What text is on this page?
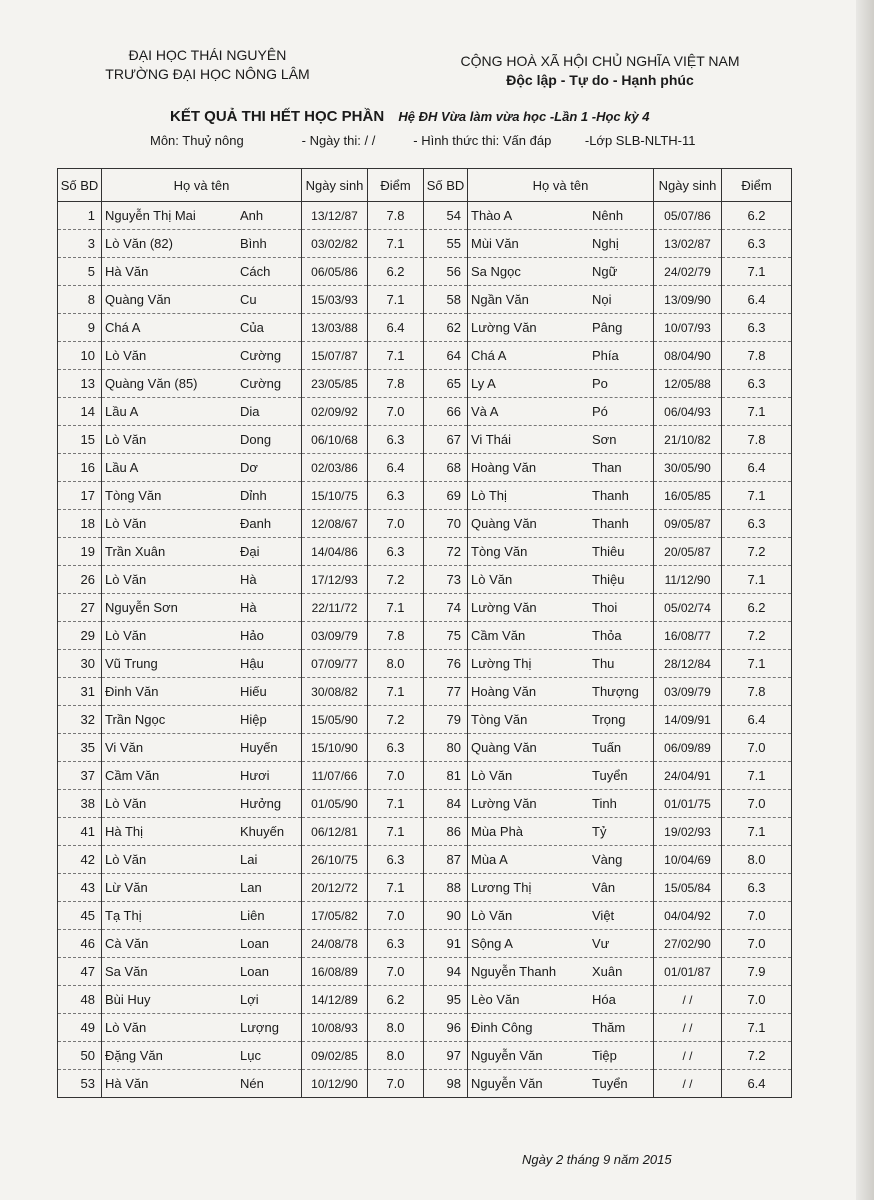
ĐẠI HỌC THÁI NGUYÊN
TRƯỜNG ĐẠI HỌC NÔNG LÂM
CỘNG HOÀ XÃ HỘI CHỦ NGHĨA VIỆT NAM
Độc lập - Tự do - Hạnh phúc
KẾT QUẢ THI HẾT HỌC PHẦN Hệ ĐH Vừa làm vừa học -Lần 1 -Học kỳ 4
Môn: Thuỷ nông	- Ngày thi: / /	- Hình thức thi: Vấn đáp	-Lớp SLB-NLTH-11
Số BD	Họ và tên	Ngày sinh	Điểm	Số BD	Họ và tên	Ngày sinh	Điểm
1	Nguyễn Thị Mai Anh	13/12/87	7.8	54	Thào A Nênh	05/07/86	6.2
3	Lò Văn (82) Bình	03/02/82	7.1	55	Mùi Văn Nghị	13/02/87	6.3
5	Hà Văn Cách	06/05/86	6.2	56	Sa Ngọc Ngữ	24/02/79	7.1
8	Quàng Văn Cu	15/03/93	7.1	58	Ngần Văn Nọi	13/09/90	6.4
9	Chá A Của	13/03/88	6.4	62	Lường Văn Pâng	10/07/93	6.3
10	Lò Văn Cường	15/07/87	7.1	64	Chá A Phía	08/04/90	7.8
13	Quàng Văn (85) Cường	23/05/85	7.8	65	Ly A Po	12/05/88	6.3
14	Lầu A Dia	02/09/92	7.0	66	Và A Pó	06/04/93	7.1
15	Lò Văn Dong	06/10/68	6.3	67	Vi Thái Sơn	21/10/82	7.8
16	Lầu A Dơ	02/03/86	6.4	68	Hoàng Văn Than	30/05/90	6.4
17	Tòng Văn Dỉnh	15/10/75	6.3	69	Lò Thị Thanh	16/05/85	7.1
18	Lò Văn Đanh	12/08/67	7.0	70	Quàng Văn Thanh	09/05/87	6.3
19	Trần Xuân Đại	14/04/86	6.3	72	Tòng Văn Thiêu	20/05/87	7.2
26	Lò Văn Hà	17/12/93	7.2	73	Lò Văn Thiệu	11/12/90	7.1
27	Nguyễn Sơn Hà	22/11/72	7.1	74	Lường Văn Thoi	05/02/74	6.2
29	Lò Văn Hảo	03/09/79	7.8	75	Cầm Văn Thỏa	16/08/77	7.2
30	Vũ Trung Hậu	07/09/77	8.0	76	Lường Thị Thu	28/12/84	7.1
31	Đinh Văn Hiếu	30/08/82	7.1	77	Hoàng Văn Thượng	03/09/79	7.8
32	Trần Ngọc Hiệp	15/05/90	7.2	79	Tòng Văn Trọng	14/09/91	6.4
35	Vi Văn Huyến	15/10/90	6.3	80	Quàng Văn Tuấn	06/09/89	7.0
37	Cầm Văn Hươi	11/07/66	7.0	81	Lò Văn Tuyển	24/04/91	7.1
38	Lò Văn Hưởng	01/05/90	7.1	84	Lường Văn Tinh	01/01/75	7.0
41	Hà Thị Khuyến	06/12/81	7.1	86	Mùa Phà Tỷ	19/02/93	7.1
42	Lò Văn Lai	26/10/75	6.3	87	Mùa A Vàng	10/04/69	8.0
43	Lừ Văn Lan	20/12/72	7.1	88	Lương Thị Vân	15/05/84	6.3
45	Tạ Thị Liên	17/05/82	7.0	90	Lò Văn Việt	04/04/92	7.0
46	Cà Văn Loan	24/08/78	6.3	91	Sộng A Vư	27/02/90	7.0
47	Sa Văn Loan	16/08/89	7.0	94	Nguyễn Thanh Xuân	01/01/87	7.9
48	Bùi Huy Lợi	14/12/89	6.2	95	Lèo Văn Hóa	/ /	7.0
49	Lò Văn Lượng	10/08/93	8.0	96	Đinh Công Thăm	/ /	7.1
50	Đặng Văn Lục	09/02/85	8.0	97	Nguyễn Văn Tiệp	/ /	7.2
53	Hà Văn Nén	10/12/90	7.0	98	Nguyễn Văn Tuyển	/ /	6.4
Ngày 2 tháng 9 năm 2015
